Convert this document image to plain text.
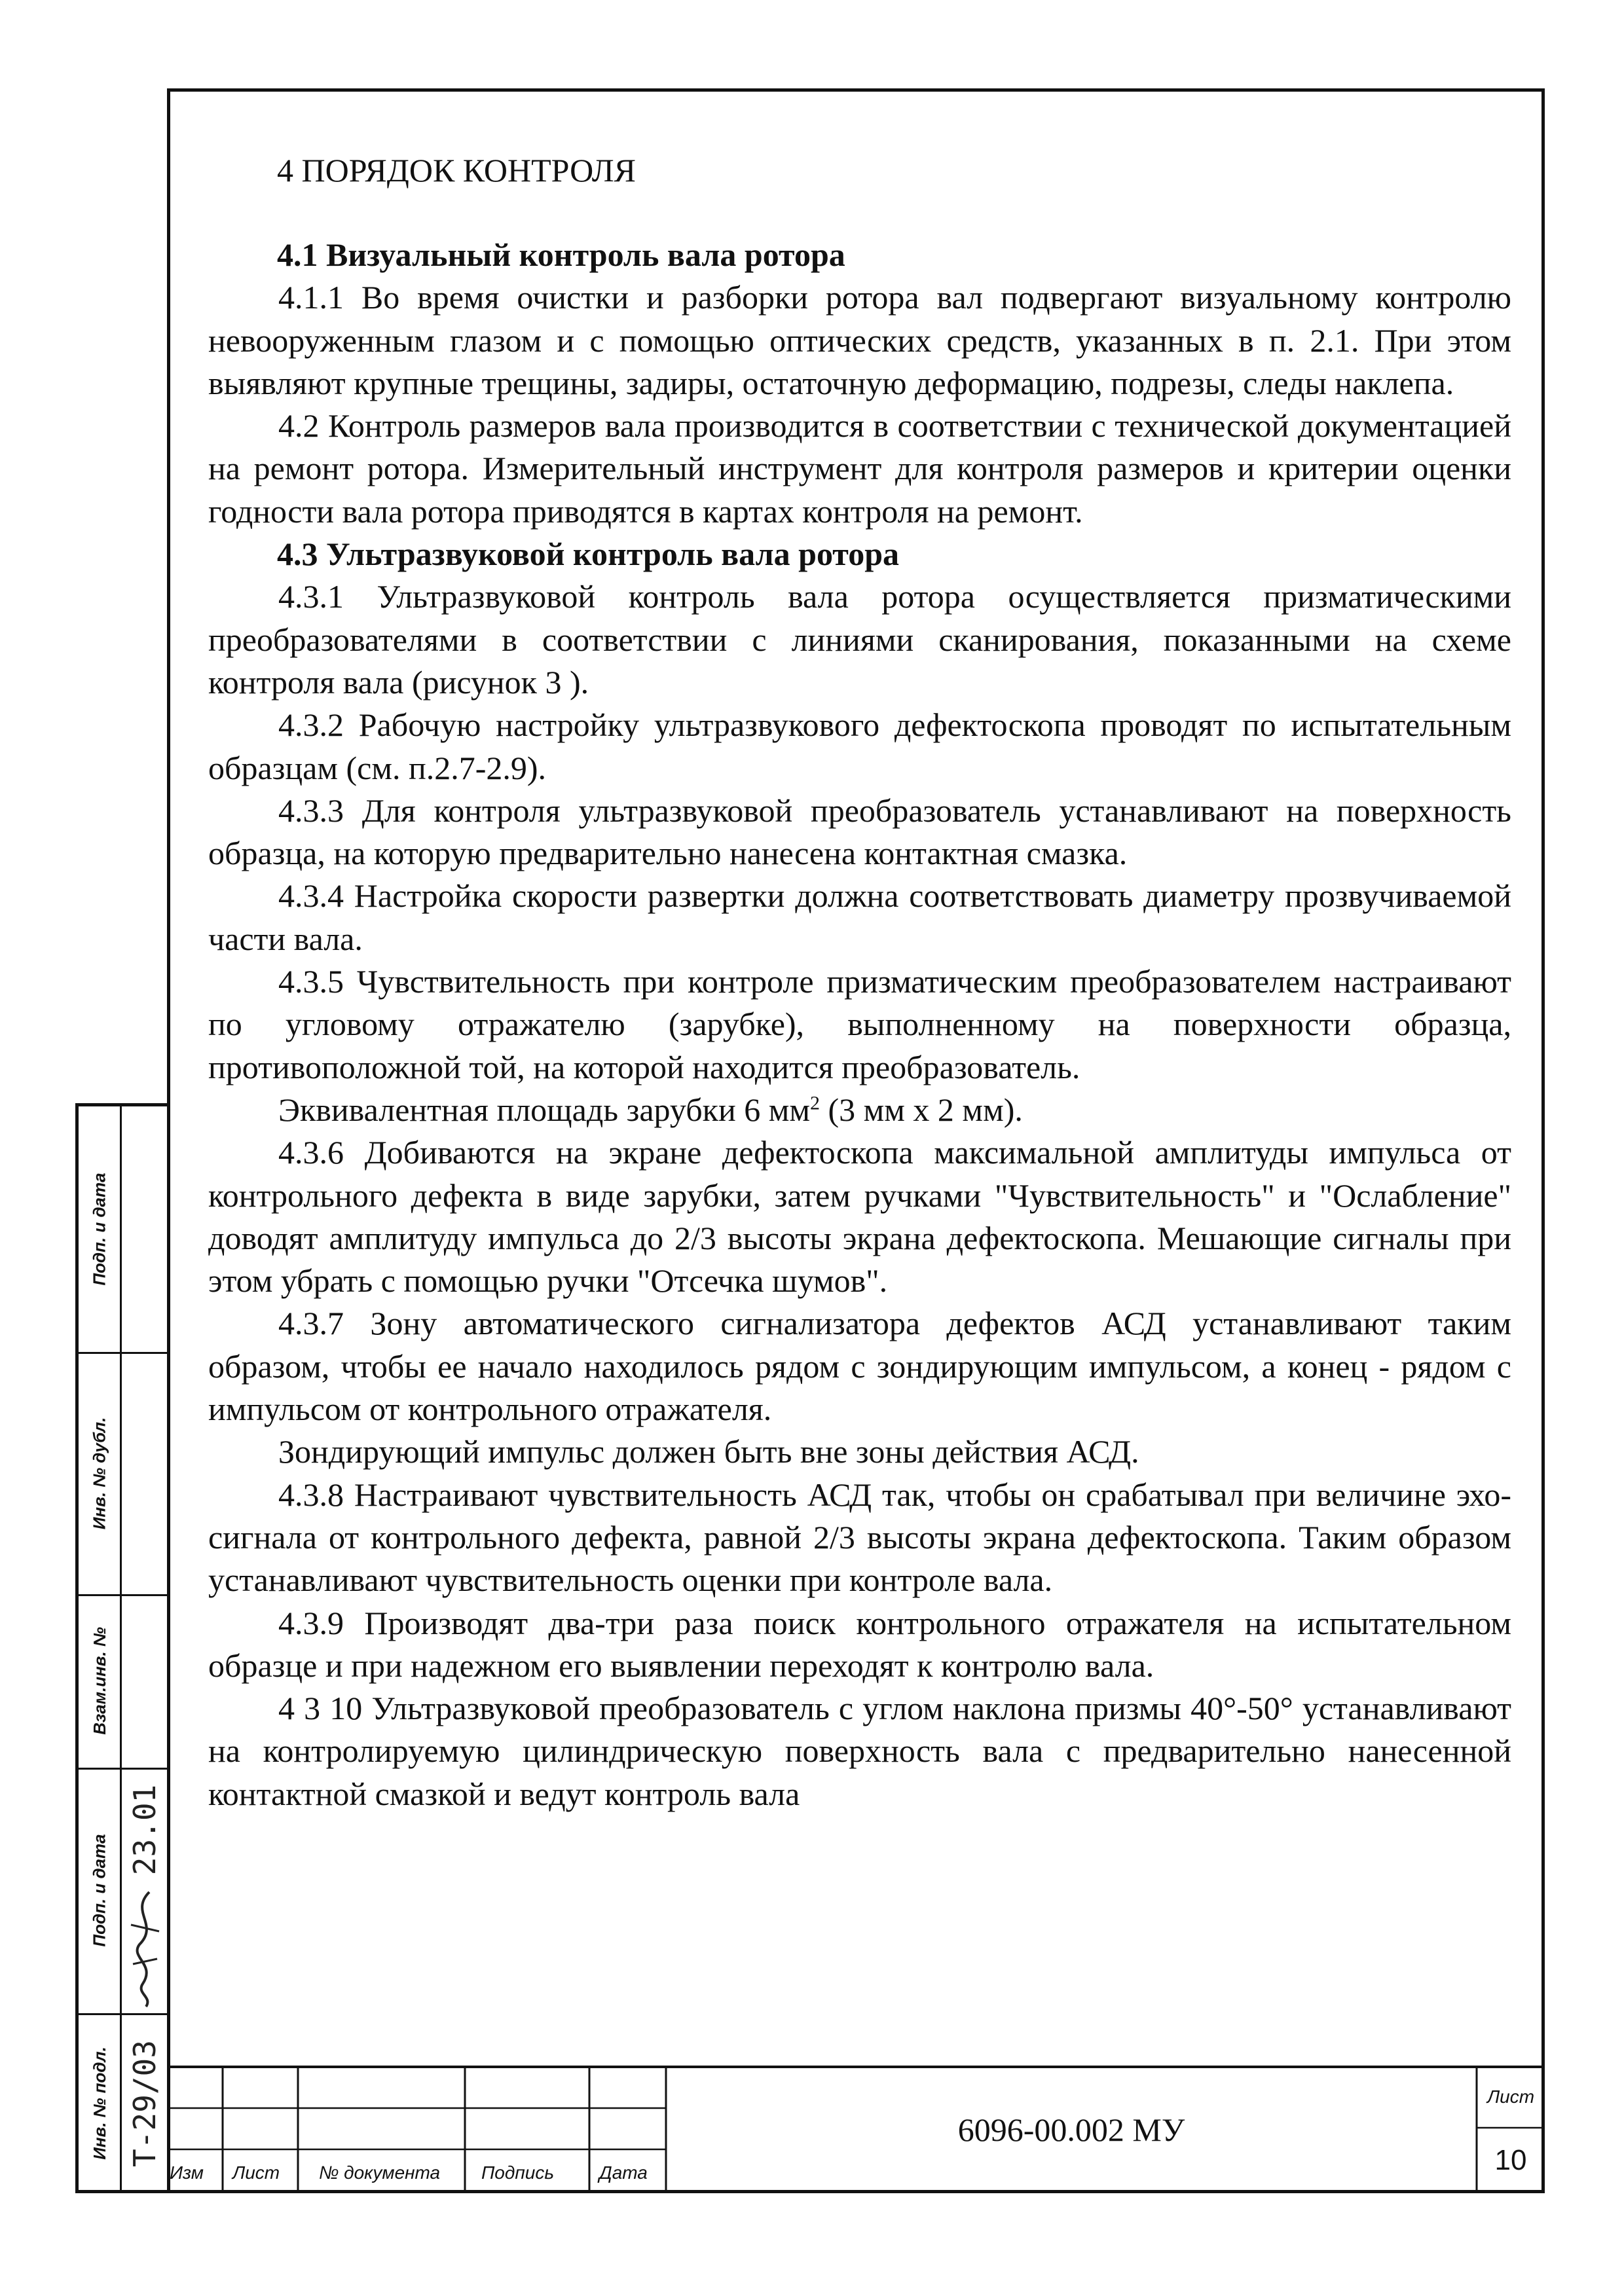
4 ПОРЯДОК КОНТРОЛЯ
4.1 Визуальный контроль вала ротора

4.1.1 Во время очистки и разборки ротора вал подвергают визуальному контролю невооруженным глазом и с помощью оптических средств, указанных в п. 2.1. При этом выявляют крупные трещины, задиры, остаточную деформацию, подрезы, следы наклепа.

4.2 Контроль размеров вала производится в соответствии с технической документацией на ремонт ротора. Измерительный инструмент для контроля размеров и критерии оценки годности вала ротора приводятся в картах контроля на ремонт.

4.3 Ультразвуковой контроль вала ротора

4.3.1 Ультразвуковой контроль вала ротора осуществляется призматическими преобразователями в соответствии с линиями сканирования, показанными на схеме контроля вала (рисунок 3 ).

4.3.2 Рабочую настройку ультразвукового дефектоскопа проводят по испытательным образцам (см. п.2.7-2.9).

4.3.3 Для контроля ультразвуковой преобразователь устанавливают на поверхность образца, на которую предварительно нанесена контактная смазка.

4.3.4 Настройка скорости развертки должна соответствовать диаметру прозвучиваемой части вала.

4.3.5 Чувствительность при контроле призматическим преобразователем настраивают по угловому отражателю (зарубке), выполненному на поверхности образца, противоположной той, на которой находится преобразователь.

Эквивалентная площадь зарубки 6 $мм^2$ (3 мм х 2 мм).

4.3.6 Добиваются на экране дефектоскопа максимальной амплитуды импульса от контрольного дефекта в виде зарубки, затем ручками "Чувствительность" и "Ослабление" доводят амплитуду импульса до 2/3 высоты экрана дефектоскопа. Мешающие сигналы при этом убрать с помощью ручки "Отсечка шумов".

4.3.7 Зону автоматического сигнализатора дефектов АСД устанавливают таким образом, чтобы ее начало находилось рядом с зондирующим импульсом, а конец - рядом с импульсом от контрольного отражателя.

Зондирующий импульс должен быть вне зоны действия АСД.

4.3.8 Настраивают чувствительность АСД так, чтобы он срабатывал при величине эхо-сигнала от контрольного дефекта, равной 2/3 высоты экрана дефектоскопа. Таким образом устанавливают чувствительность оценки при контроле вала.

4.3.9 Производят два-три раза поиск контрольного отражателя на испытательном образце и при надежном его выявлении переходят к контролю вала.

4 3 10 Ультразвуковой преобразователь с углом наклона призмы 40°-50° устанавливают на контролируемую цилиндрическую поверхность вала с предварительно нанесенной контактной смазкой и ведут контроль вала

Подп. и дата
Инв. № дубл.
Взам.инв. №
Подп. и дата
Инв. № подл.
23.01
Т-29/03
Изм Лист № документа Подпись Дата
6096-00.002 МУ
Лист
10
